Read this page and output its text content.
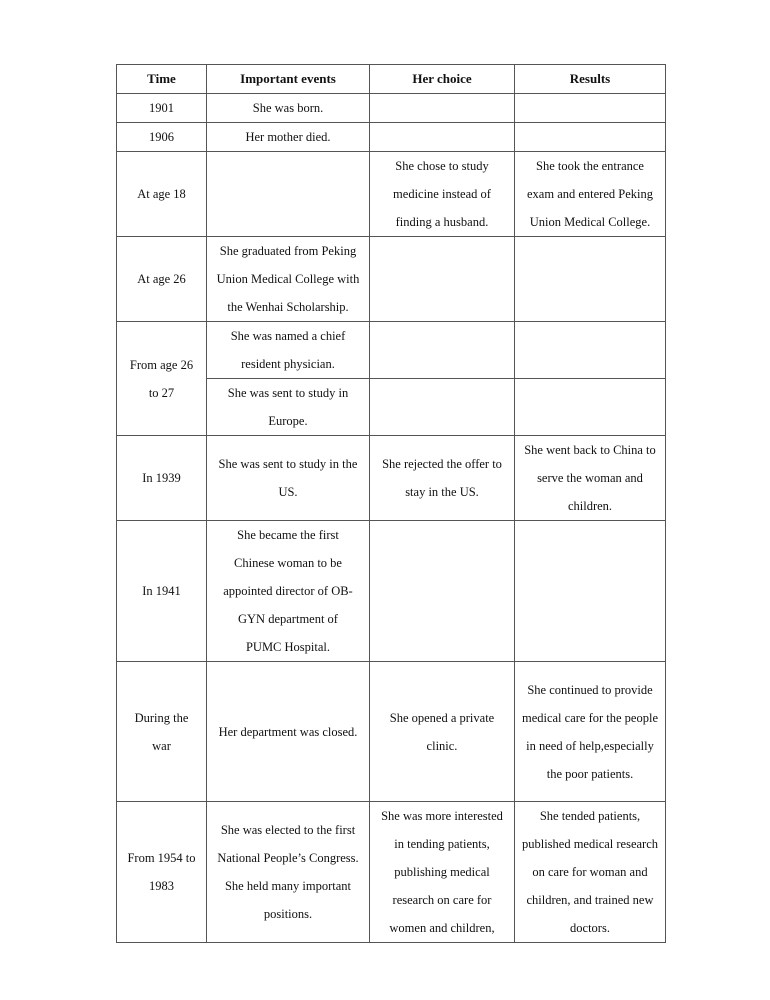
Time	Important events	Her choice	Results
1901	She was born.		
1906	Her mother died.		
At age 18		She chose to study medicine instead of finding a husband.	She took the entrance exam and entered Peking Union Medical College.
At age 26	She graduated from Peking Union Medical College with the Wenhai Scholarship.		
From age 26 to 27	She was named a chief resident physician.		
	She was sent to study in Europe.		
In 1939	She was sent to study in the US.	She rejected the offer to stay in the US.	She went back to China to serve the woman and children.
In 1941	She became the first Chinese woman to be appointed director of OB-GYN department of PUMC Hospital.		
During the war	Her department was closed.	She opened a private clinic.	She continued to provide medical care for the people in need of help,especially the poor patients.
From 1954 to 1983	She was elected to the first National People’s Congress. She held many important positions.	She was more interested in tending patients, publishing medical research on care for women and children,	She tended patients, published medical research on care for woman and children, and trained new doctors.
